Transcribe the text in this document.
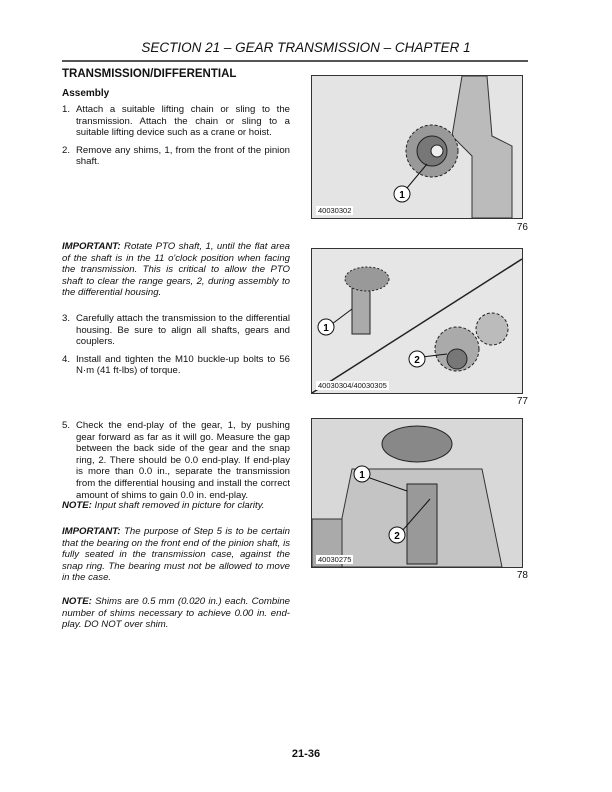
SECTION 21 – GEAR TRANSMISSION – CHAPTER 1
TRANSMISSION/DIFFERENTIAL
Assembly
1. Attach a suitable lifting chain or sling to the transmission. Attach the chain or sling to a suitable lifting device such as a crane or hoist.
2. Remove any shims, 1, from the front of the pinion shaft.
IMPORTANT: Rotate PTO shaft, 1, until the flat area of the shaft is in the 11 o'clock position when facing the transmission. This is critical to allow the PTO shaft to clear the range gears, 2, during assembly to the differential housing.
3. Carefully attach the transmission to the differential housing. Be sure to align all shafts, gears and couplers.
4. Install and tighten the M10 buckle-up bolts to 56 N·m (41 ft-lbs) of torque.
5. Check the end-play of the gear, 1, by pushing gear forward as far as it will go. Measure the gap between the back side of the gear and the snap ring, 2. There should be 0.0 end-play. If end-play is more than 0.0 in., separate the transmission from the differential housing and install the correct amount of shims to gain 0.0 in. end-play.
NOTE: Input shaft removed in picture for clarity.
IMPORTANT: The purpose of Step 5 is to be certain that the bearing on the front end of the pinion shaft, is fully seated in the transmission case, against the snap ring. The bearing must not be allowed to move in the case.
NOTE: Shims are 0.5 mm (0.020 in.) each. Combine number of shims necessary to achieve 0.00 in. end-play. DO NOT over shim.
1
40030302
76
1
2
40030304/40030305
77
1
2
40030275
78
21-36
